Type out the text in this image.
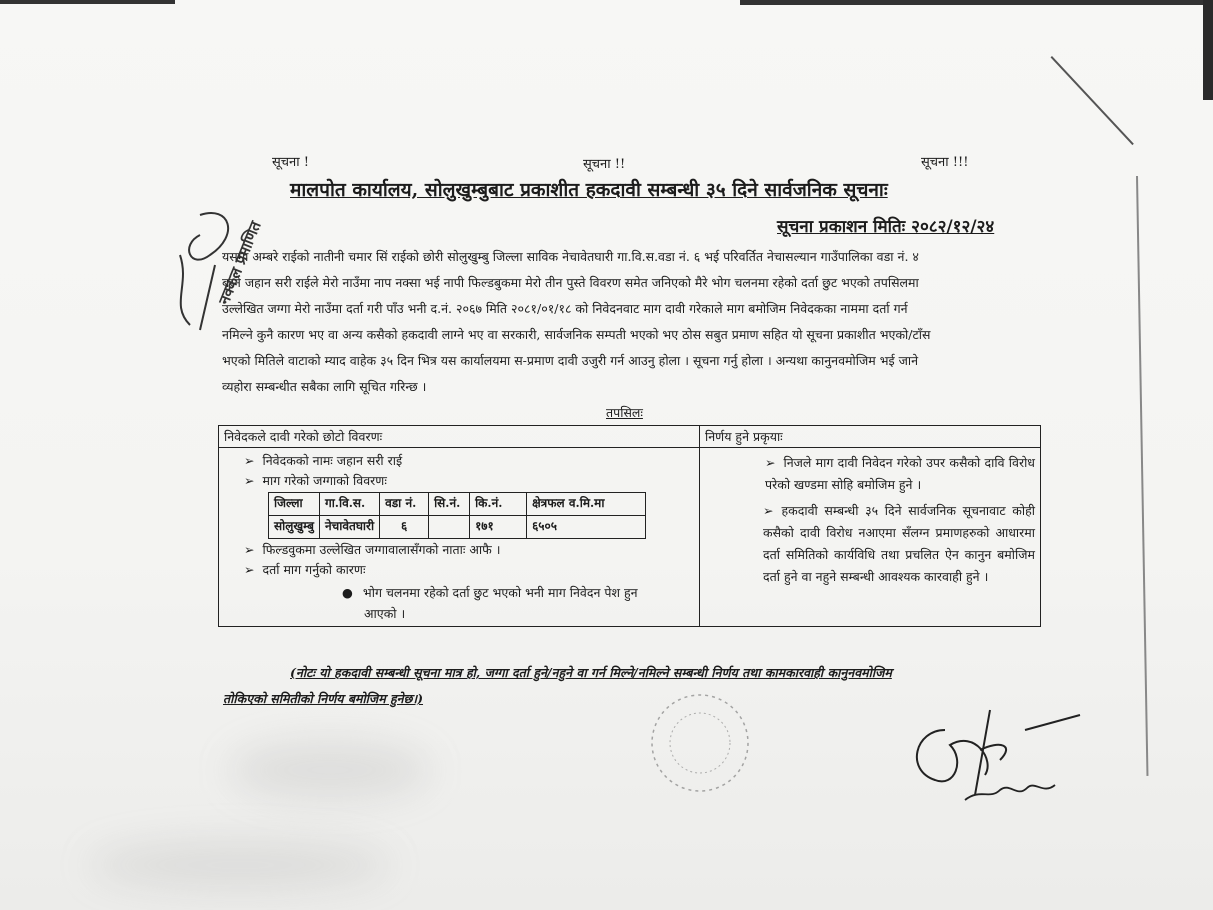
सूचना !	सूचना !!	सूचना !!!
मालपोत कार्यालय, सोलुखुम्बुबाट प्रकाशीत हकदावी सम्बन्धी ३५ दिने सार्वजनिक सूचनाः
सूचना प्रकाशन मितिः २०८२/१२/२४
यसमा अम्बरे राईको नातीनी चमार सिं राईको छोरी सोलुखुम्बु जिल्ला साविक नेचावेतघारी गा.वि.स.वडा नं. ६ भई परिवर्तित नेचासल्यान गाउँपालिका वडा नं. ४
बस्ने जहान सरी राईले मेरो नाउँमा नाप नक्सा भई नापी फिल्डबुकमा मेरो तीन पुस्ते विवरण समेत जनिएको मैरे भोग चलनमा रहेको दर्ता छुट भएको तपसिलमा
उल्लेखित जग्गा मेरो नाउँमा दर्ता गरी पाँउ भनी द.नं. २०६७ मिति २०८१/०१/१८ को निवेदनवाट माग दावी गरेकाले माग बमोजिम निवेदकका नाममा दर्ता गर्न
नमिल्ने कुनै कारण भए वा अन्य कसैको हकदावी लाग्ने भए वा सरकारी, सार्वजनिक सम्पती भएको भए ठोस सबुत प्रमाण सहित यो सूचना प्रकाशीत भएको/टाँस
भएको मितिले वाटाको म्याद वाहेक ३५ दिन भित्र यस कार्यालयमा स-प्रमाण दावी उजुरी गर्न आउनु होला । सूचना गर्नु होला । अन्यथा कानुनवमोजिम भई जाने
व्यहोरा सम्बन्धीत सबैका लागि सूचित गरिन्छ ।
तपसिलः
निवेदकले दावी गरेको छोटो विवरणः	निर्णय हुने प्रकृयाः

➢ निवेदकको नामः जहान सरी राई
➢ माग गरेको जग्गाको विवरणः
जिल्ला	गा.वि.स.	वडा नं.	सि.नं.	कि.नं.	क्षेत्रफल व.मि.मा
सोलुखुम्बु	नेचावेतघारी	६		१७१	६५०५
➢ फिल्डवुकमा उल्लेखित जग्गावालासँगको नाताः आफै ।
➢ दर्ता माग गर्नुको कारणः
● भोग चलनमा रहेको दर्ता छुट भएको भनी माग निवेदन पेश हुन
आएको ।

➢ निजले माग दावी निवेदन गरेको उपर कसैको दावि विरोध परेको खण्डमा सोहि बमोजिम हुने ।

➢ हकदावी सम्बन्धी ३५ दिने सार्वजनिक सूचनावाट कोही कसैको दावी विरोध नआएमा सँलग्न प्रमाणहरुको आधारमा दर्ता समितिको कार्यविधि तथा प्रचलित ऐन कानुन बमोजिम दर्ता हुने वा नहुने सम्बन्धी आवश्यक कारवाही हुने ।

(नोटः यो हकदावी सम्बन्धी सूचना मात्र हो, जग्गा दर्ता हुने/नहुने वा गर्न मिल्ने/नमिल्ने सम्बन्धी निर्णय तथा कामकारवाही कानुनवमोजिम
तोकिएको समितीको निर्णय बमोजिम हुनेछ।)
नक्कल प्रमाणित
